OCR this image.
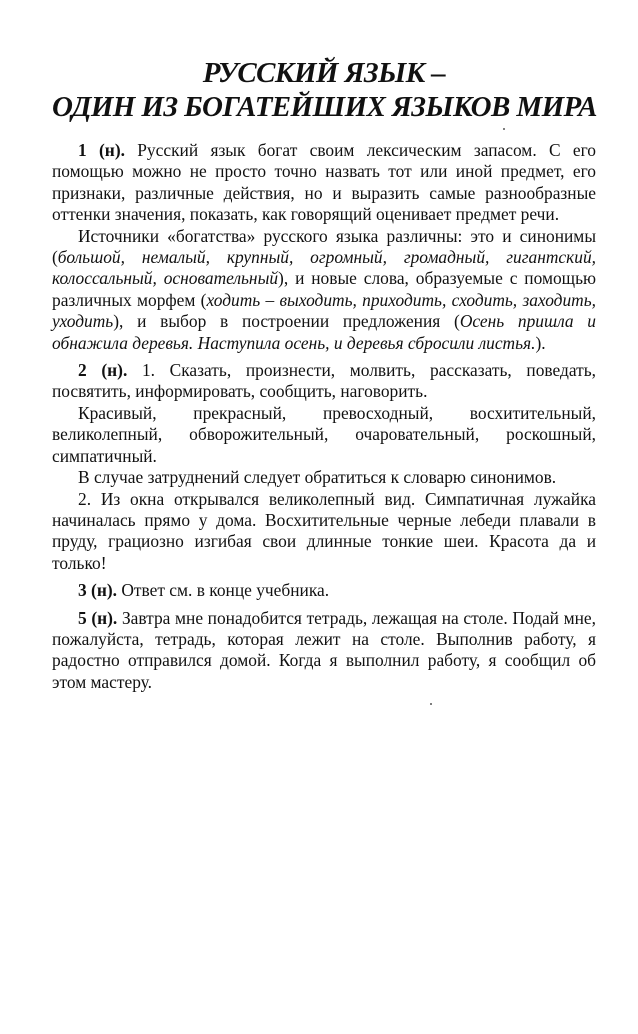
РУССКИЙ ЯЗЫК –
ОДИН ИЗ БОГАТЕЙШИХ ЯЗЫКОВ МИРА

1 (н). Русский язык богат своим лексическим запасом. С его помощью можно не просто точно назвать тот или иной предмет, его признаки, различные действия, но и выразить самые разнообразные оттенки значения, показать, как говорящий оценивает предмет речи.

Источники «богатства» русского языка различны: это и синонимы (большой, немалый, крупный, огромный, громадный, гигантский, колоссальный, основательный), и новые слова, образуемые с помощью различных морфем (ходить – выходить, приходить, сходить, заходить, уходить), и выбор в построении предложения (Осень пришла и обнажила деревья. Наступила осень, и деревья сбросили листья.).

2 (н). 1. Сказать, произнести, молвить, рассказать, поведать, посвятить, информировать, сообщить, наговорить.

Красивый, прекрасный, превосходный, восхитительный, великолепный, обворожительный, очаровательный, роскошный, симпатичный.

В случае затруднений следует обратиться к словарю синонимов.

2. Из окна открывался великолепный вид. Симпатичная лужайка начиналась прямо у дома. Восхитительные черные лебеди плавали в пруду, грациозно изгибая свои длинные тонкие шеи. Красота да и только!

3 (н). Ответ см. в конце учебника.

5 (н). Завтра мне понадобится тетрадь, лежащая на столе. Подай мне, пожалуйста, тетрадь, которая лежит на столе. Выполнив работу, я радостно отправился домой. Когда я выполнил работу, я сообщил об этом мастеру.
